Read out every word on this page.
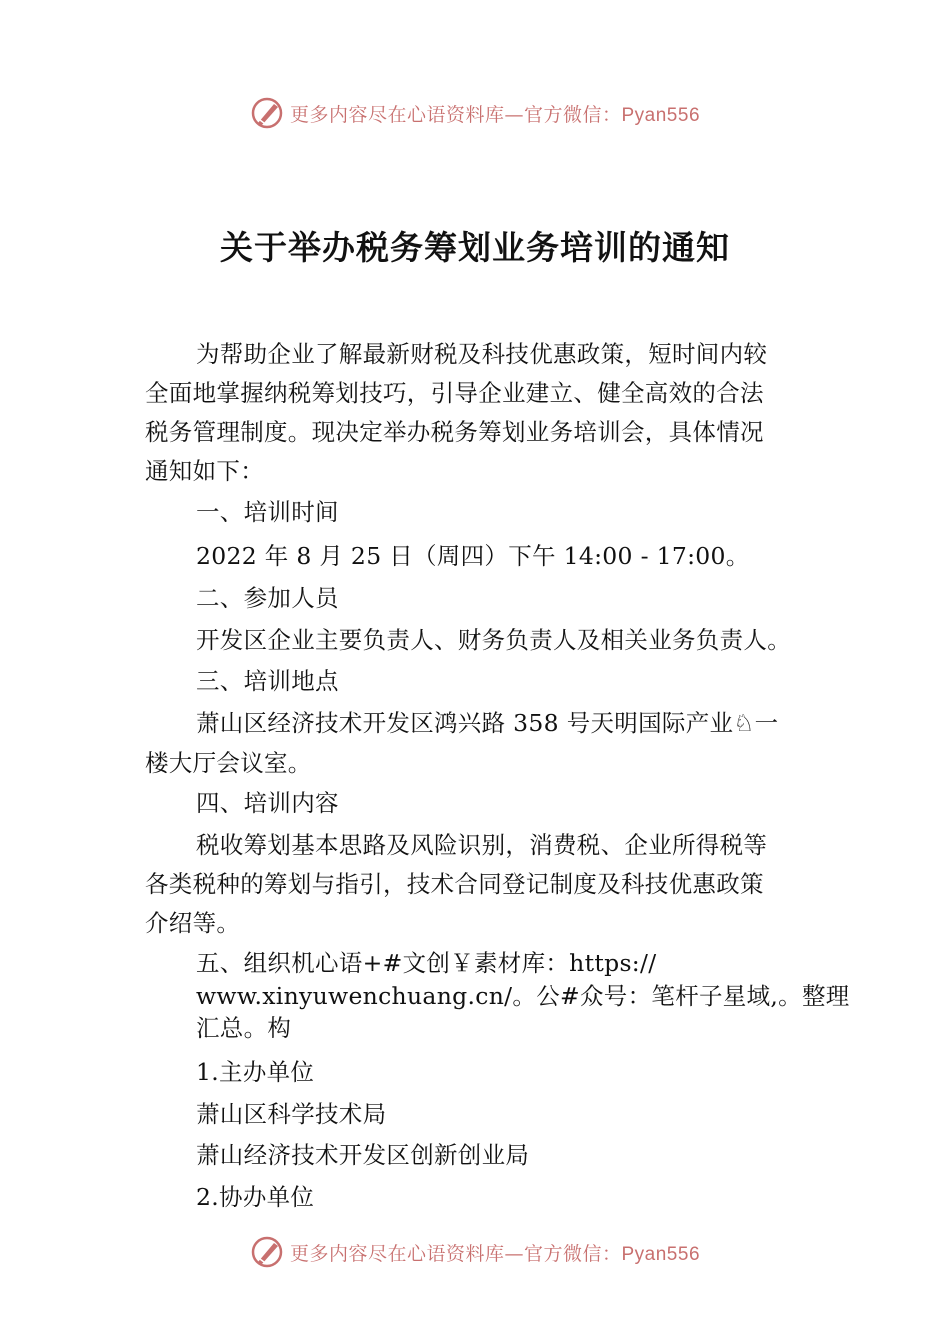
更多内容尽在心语资料库—官方微信：Pyan556
关于举办税务筹划业务培训的通知
为帮助企业了解最新财税及科技优惠政策，短时间内较
全面地掌握纳税筹划技巧，引导企业建立、健全高效的合法
税务管理制度。现决定举办税务筹划业务培训会，具体情况
通知如下：
一、培训时间
2022 年 8 月 25 日（周四）下午 14:00 - 17:00。
二、参加人员
开发区企业主要负责人、财务负责人及相关业务负责人。
三、培训地点
萧山区经济技术开发区鸿兴路 358 号天明国际产业♘一
楼大厅会议室。
四、培训内容
税收筹划基本思路及风险识别，消费税、企业所得税等
各类税种的筹划与指引，技术合同登记制度及科技优惠政策
介绍等。
五、组织机心语+#文创￥素材库：https://
www.xinyuwenchuang.cn/。公#众号：笔杆子星域,。整理
汇总。构
1.主办单位
萧山区科学技术局
萧山经济技术开发区创新创业局
2.协办单位
更多内容尽在心语资料库—官方微信：Pyan556
